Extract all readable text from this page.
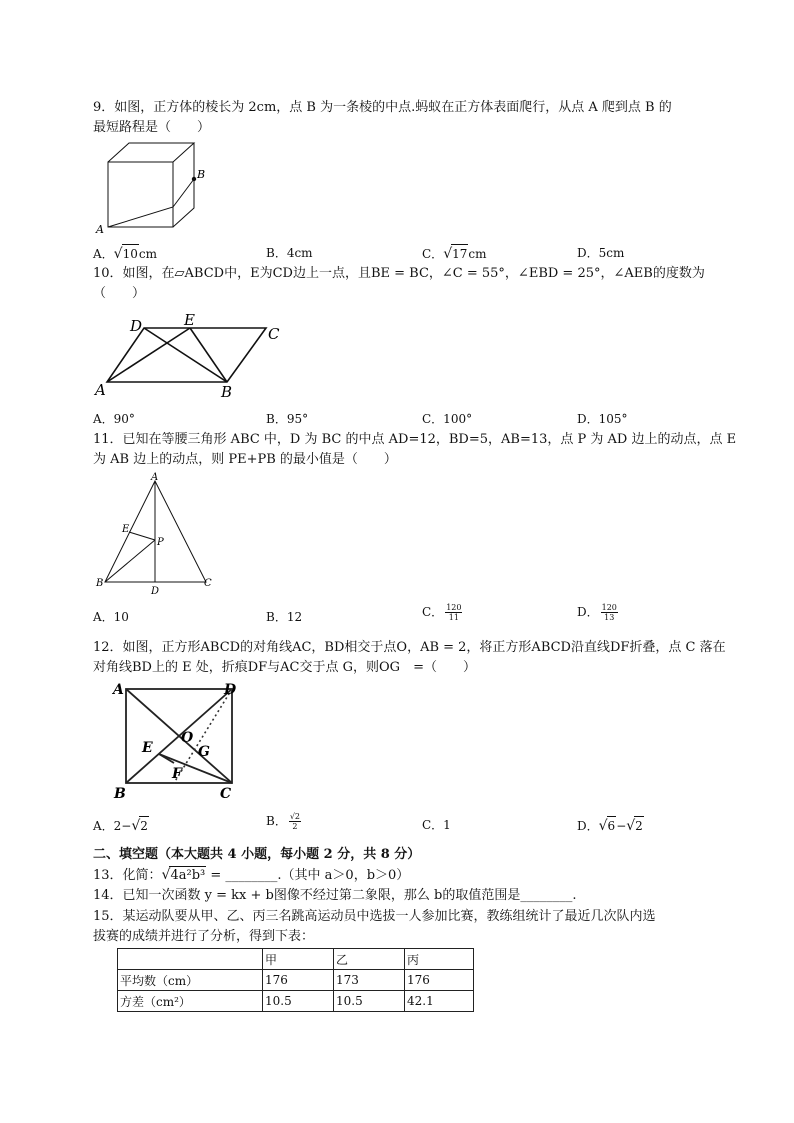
9．如图，正方体的棱长为 2cm，点 B 为一条棱的中点.蚂蚁在正方体表面爬行，从点 A 爬到点 B 的
最短路程是（　　）
B
A
A．√10cm	B．4cm	C．√17cm	D．5cm
10．如图，在▱ABCD中，E为CD边上一点，且BE = BC，∠C = 55°，∠EBD = 25°，∠AEB的度数为
（　　）
D	E
C
A	B
A．90°	B．95°	C．100°	D．105°
11．已知在等腰三角形 ABC 中，D 为 BC 的中点 AD=12，BD=5，AB=13，点 P 为 AD 边上的动点，点 E
为 AB 边上的动点，则 PE+PB 的最小值是（　　）
A
E
P
B	C
D
A．10	B．12	C． $\frac{120}{11}$	D． $\frac{120}{13}$
12．如图，正方形ABCD的对角线AC，BD相交于点O，AB = 2，将正方形ABCD沿直线DF折叠，点 C 落在
对角线BD上的 E 处，折痕DF与AC交于点 G，则OG　=（　　）
A	D
O
G
E
F
B	C
A．2−√2	B． $\frac{√2}{2}$	C．1	D．√6−√2
二、填空题（本大题共 4 小题，每小题 2 分，共 8 分）
13．化简：√4a²b³ = ________.（其中 a＞0，b＞0）
14．已知一次函数 y = kx + b图像不经过第二象限，那么 b的取值范围是________.
15．某运动队要从甲、乙、丙三名跳高运动员中选拔一人参加比赛，教练组统计了最近几次队内选
拔赛的成绩并进行了分析，得到下表：
	甲	乙	丙
平均数（cm）	176	173	176
方差（cm²）	10.5	10.5	42.1
